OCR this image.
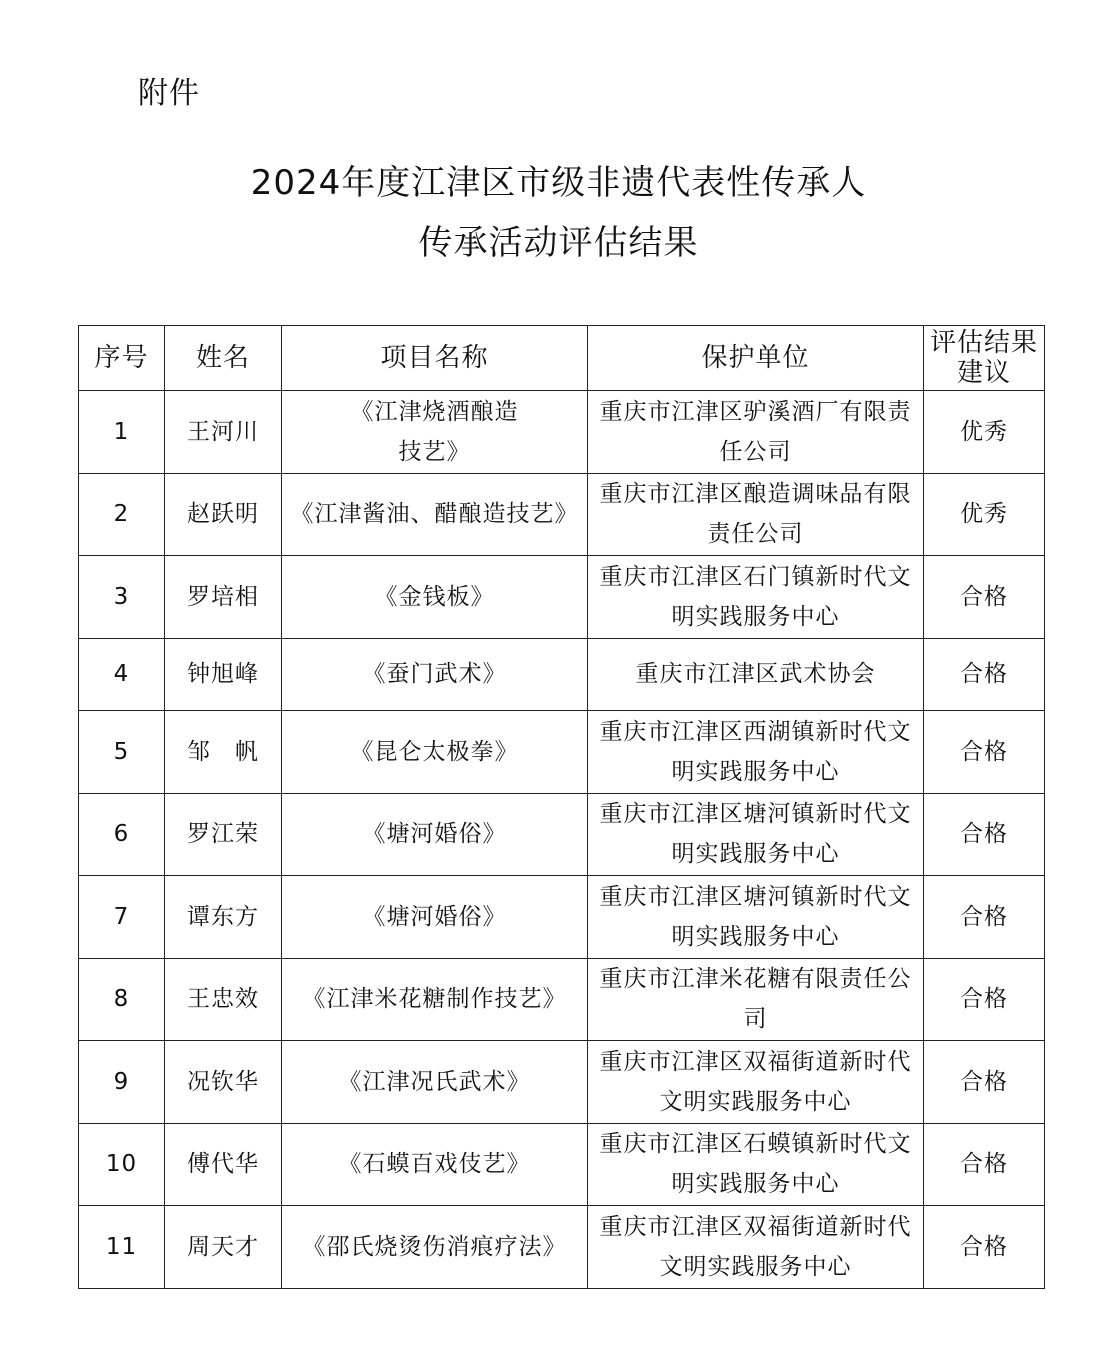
附件
2024年度江津区市级非遗代表性传承人
传承活动评估结果
序号	姓名	项目名称	保护单位	评估结果建议
1	王河川	《江津烧酒酿造技艺》	重庆市江津区驴溪酒厂有限责任公司	优秀
2	赵跃明	《江津酱油、醋酿造技艺》	重庆市江津区酿造调味品有限责任公司	优秀
3	罗培相	《金钱板》	重庆市江津区石门镇新时代文明实践服务中心	合格
4	钟旭峰	《蚕门武术》	重庆市江津区武术协会	合格
5	邹　帆	《昆仑太极拳》	重庆市江津区西湖镇新时代文明实践服务中心	合格
6	罗江荣	《塘河婚俗》	重庆市江津区塘河镇新时代文明实践服务中心	合格
7	谭东方	《塘河婚俗》	重庆市江津区塘河镇新时代文明实践服务中心	合格
8	王忠效	《江津米花糖制作技艺》	重庆市江津米花糖有限责任公司	合格
9	况钦华	《江津况氏武术》	重庆市江津区双福街道新时代文明实践服务中心	合格
10	傅代华	《石蟆百戏伎艺》	重庆市江津区石蟆镇新时代文明实践服务中心	合格
11	周天才	《邵氏烧烫伤消痕疗法》	重庆市江津区双福街道新时代文明实践服务中心	合格
